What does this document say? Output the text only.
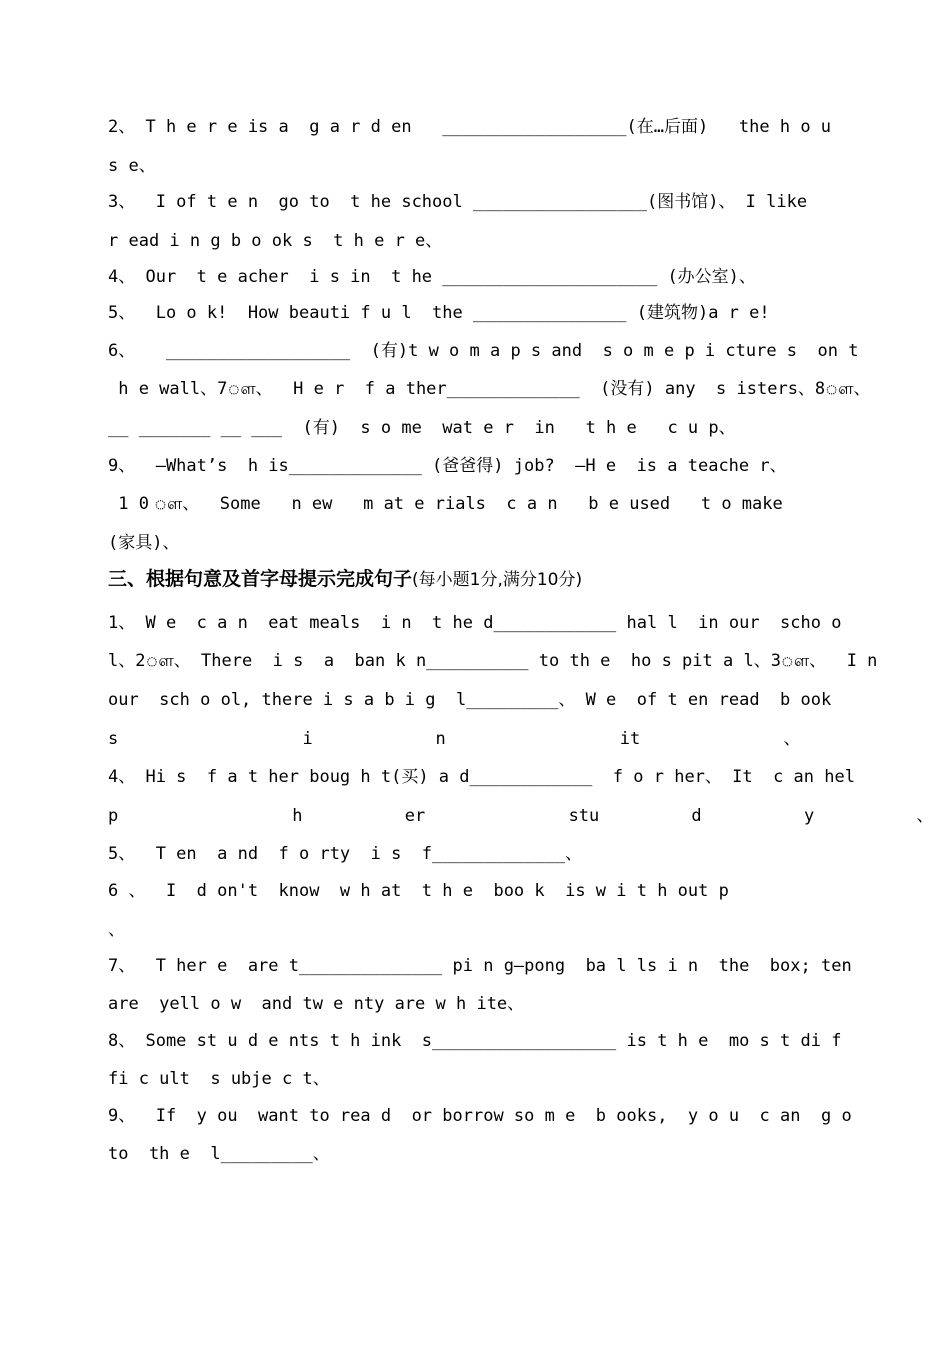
2、 T h e r e is a  g a r d en   __________________(在…后面)   the h o u
s e、
3、  I of t e n  go to  t he school _________________(图书馆)、 I like
r ead i n g b o ok s  t h e r e、
4、 Our  t e acher  i s in  t he _____________________ (办公室)、
5、  Lo o k!  How beauti f u l  the _______________ (建筑物)a r e!
6、   __________________  (有)t w o m a p s and  s o m e p i cture s  on t
h e wall、7ௗ、  H e r  f a ther_____________  (没有) any  s isters、8ௗ、
__ _______ __ ___  (有)  s o me  wat e r  in   t h e   c u p、
9、  —What’s  h is_____________ (爸爸得) job?  —H e  is a teache r、
1 0 ௗ、  Some   n ew   m at e rials  c a n   b e used   t o make
(家具)、
三、根据句意及首字母提示完成句子(每小题1分,满分10分)
1、 W e  c a n  eat meals  i n  t he d____________ hal l  in our  scho o
l、2ௗ、 There  i s  a  ban k n__________ to th e  ho s pit a l、3ௗ、  I n
our  sch o ol, there i s a b i g  l_________、 W e  of t en read  b ook
s                  i            n                 it              、
4、 Hi s  f a t her boug h t(买) a d____________  f o r her、 It  c an hel
p                 h          er              stu         d          y          、
5、  T en  a nd  f o rty  i s  f_____________、
6 、  I  d on't  know  w h at  t h e  boo k  is w i t h out p
、
7、  T her e  are t______________ pi n g—pong  ba l ls i n  the  box; ten
are  yell o w  and tw e nty are w h ite、
8、 Some st u d e nts t h ink  s__________________ is t h e  mo s t di f
fi c ult  s ubje c t、
9、  If  y ou  want to rea d  or borrow so m e  b ooks,  y o u  c an  g o
to  th e  l_________、
